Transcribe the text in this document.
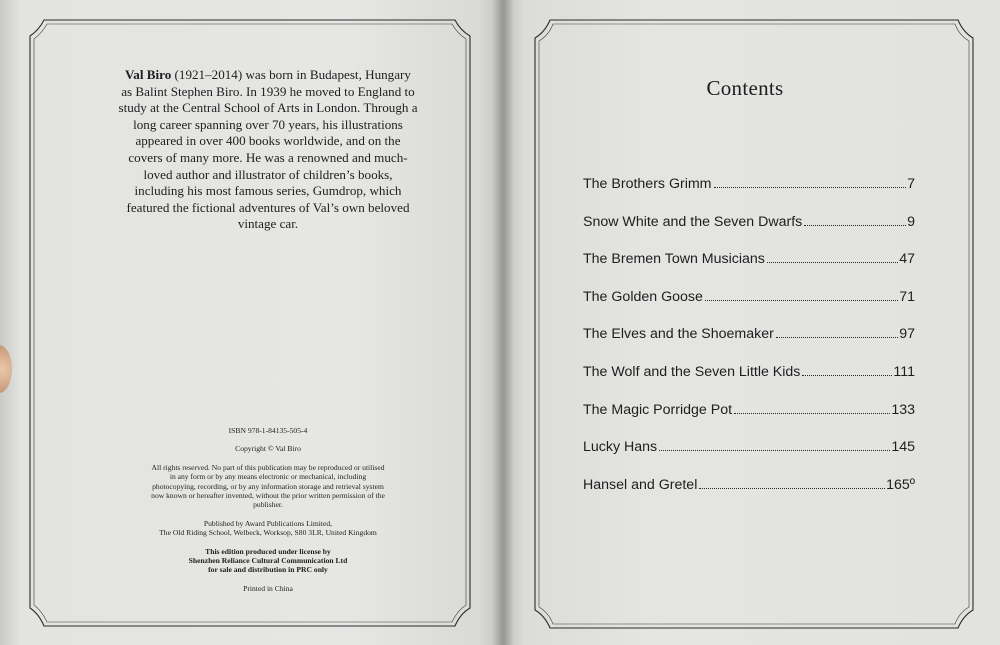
Val Biro (1921–2014) was born in Budapest, Hungary as Balint Stephen Biro. In 1939 he moved to England to study at the Central School of Arts in London. Through a long career spanning over 70 years, his illustrations appeared in over 400 books worldwide, and on the covers of many more. He was a renowned and much-loved author and illustrator of children’s books, including his most famous series, Gumdrop, which featured the fictional adventures of Val’s own beloved vintage car.

ISBN 978-1-84135-505-4

Copyright © Val Biro

All rights reserved. No part of this publication may be reproduced or utilised in any form or by any means electronic or mechanical, including photocopying, recording, or by any information storage and retrieval system now known or hereafter invented, without the prior written permission of the publisher.

Published by Award Publications Limited,
The Old Riding School, Welbeck, Worksop, S80 3LR, United Kingdom

This edition produced under license by
Shenzhen Reliance Cultural Communication Ltd
for sale and distribution in PRC only

Printed in China

Contents
The Brothers Grimm	7
Snow White and the Seven Dwarfs	9
The Bremen Town Musicians	47
The Golden Goose	71
The Elves and the Shoemaker	97
The Wolf and the Seven Little Kids	111
The Magic Porridge Pot	133
Lucky Hans	145
Hansel and Gretel	165º
